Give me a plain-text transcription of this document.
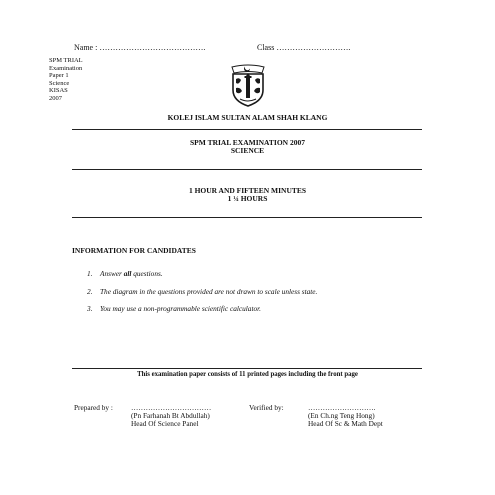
Name : ………………………………….	Class ……………………….
SPM TRIAL
Examination
Paper 1
Science
KISAS
2007
KOLEJ ISLAM SULTAN ALAM SHAH KLANG
SPM TRIAL EXAMINATION 2007
SCIENCE
1 HOUR AND FIFTEEN MINUTES
1 ¼ HOURS
INFORMATION FOR CANDIDATES
1. Answer all questions.
2. The diagram in the questions provided are not drawn to scale unless state.
3. You may use a non-programmable scientific calculator.
This examination paper consists of 11 printed pages including the front page
Prepared by : ……………………………
(Pn Farhanah Bt Abdullah)
Head Of Science Panel
Verified by:	……………………….
(En Ch.ng Teng Hong)
Head Of Sc & Math Dept
